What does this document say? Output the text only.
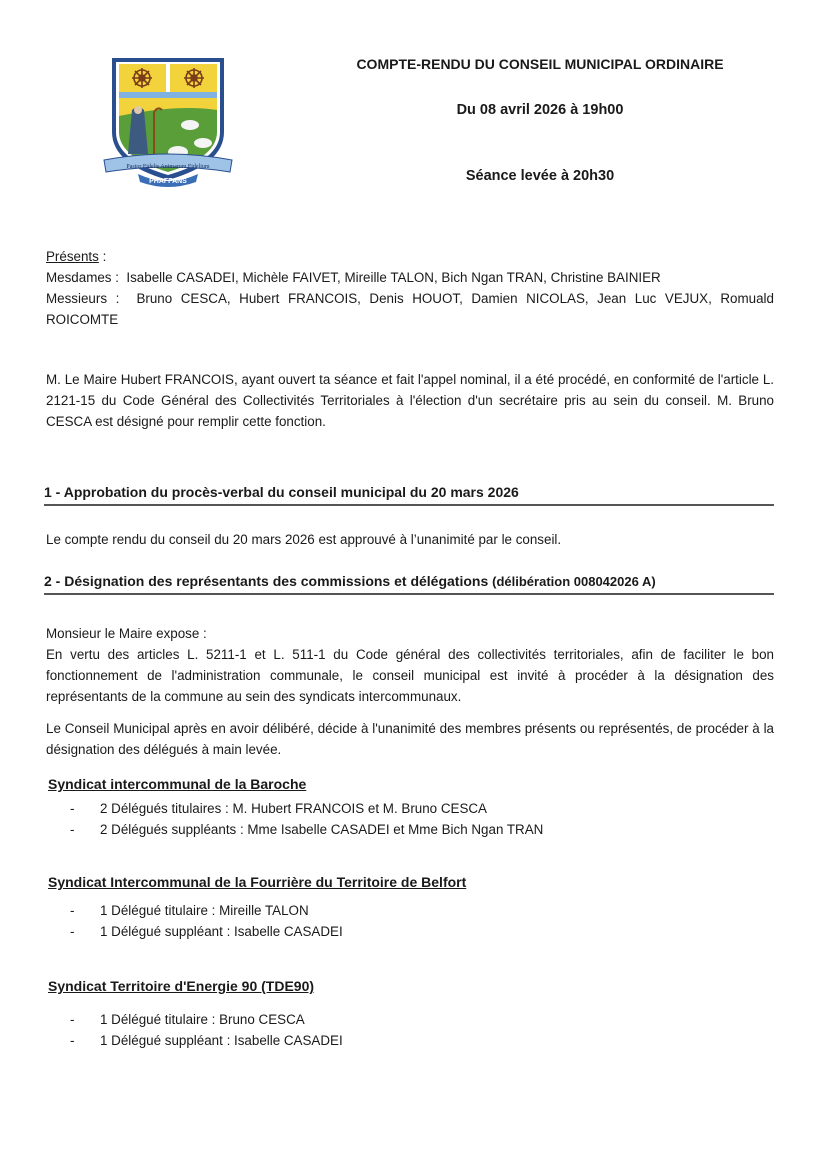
Pastor Fidelis Animarum Fidelium
PHAFFANS
COMPTE-RENDU DU CONSEIL MUNICIPAL ORDINAIRE
Du 08 avril 2026 à 19h00
Séance levée à 20h30
Présents :
Mesdames : Isabelle CASADEI, Michèle FAIVET, Mireille TALON, Bich Ngan TRAN, Christine BAINIER
Messieurs : Bruno CESCA, Hubert FRANCOIS, Denis HOUOT, Damien NICOLAS, Jean Luc VEJUX, Romuald ROICOMTE
M. Le Maire Hubert FRANCOIS, ayant ouvert ta séance et fait l'appel nominal, il a été procédé, en conformité de l'article L. 2121-15 du Code Général des Collectivités Territoriales à l'élection d'un secrétaire pris au sein du conseil. M. Bruno CESCA est désigné pour remplir cette fonction.
1 - Approbation du procès-verbal du conseil municipal du 20 mars 2026
Le compte rendu du conseil du 20 mars 2026 est approuvé à l’unanimité par le conseil.
2 - Désignation des représentants des commissions et délégations (délibération 008042026 A)
Monsieur le Maire expose :
En vertu des articles L. 5211-1 et L. 511-1 du Code général des collectivités territoriales, afin de faciliter le bon fonctionnement de l'administration communale, le conseil municipal est invité à procéder à la désignation des représentants de la commune au sein des syndicats intercommunaux.
Le Conseil Municipal après en avoir délibéré, décide à l'unanimité des membres présents ou représentés, de procéder à la désignation des délégués à main levée.
Syndicat intercommunal de la Baroche
- 2 Délégués titulaires : M. Hubert FRANCOIS et M. Bruno CESCA
- 2 Délégués suppléants : Mme Isabelle CASADEI et Mme Bich Ngan TRAN
Syndicat Intercommunal de la Fourrière du Territoire de Belfort
- 1 Délégué titulaire : Mireille TALON
- 1 Délégué suppléant : Isabelle CASADEI
Syndicat Territoire d'Energie 90 (TDE90)
- 1 Délégué titulaire : Bruno CESCA
- 1 Délégué suppléant : Isabelle CASADEI
